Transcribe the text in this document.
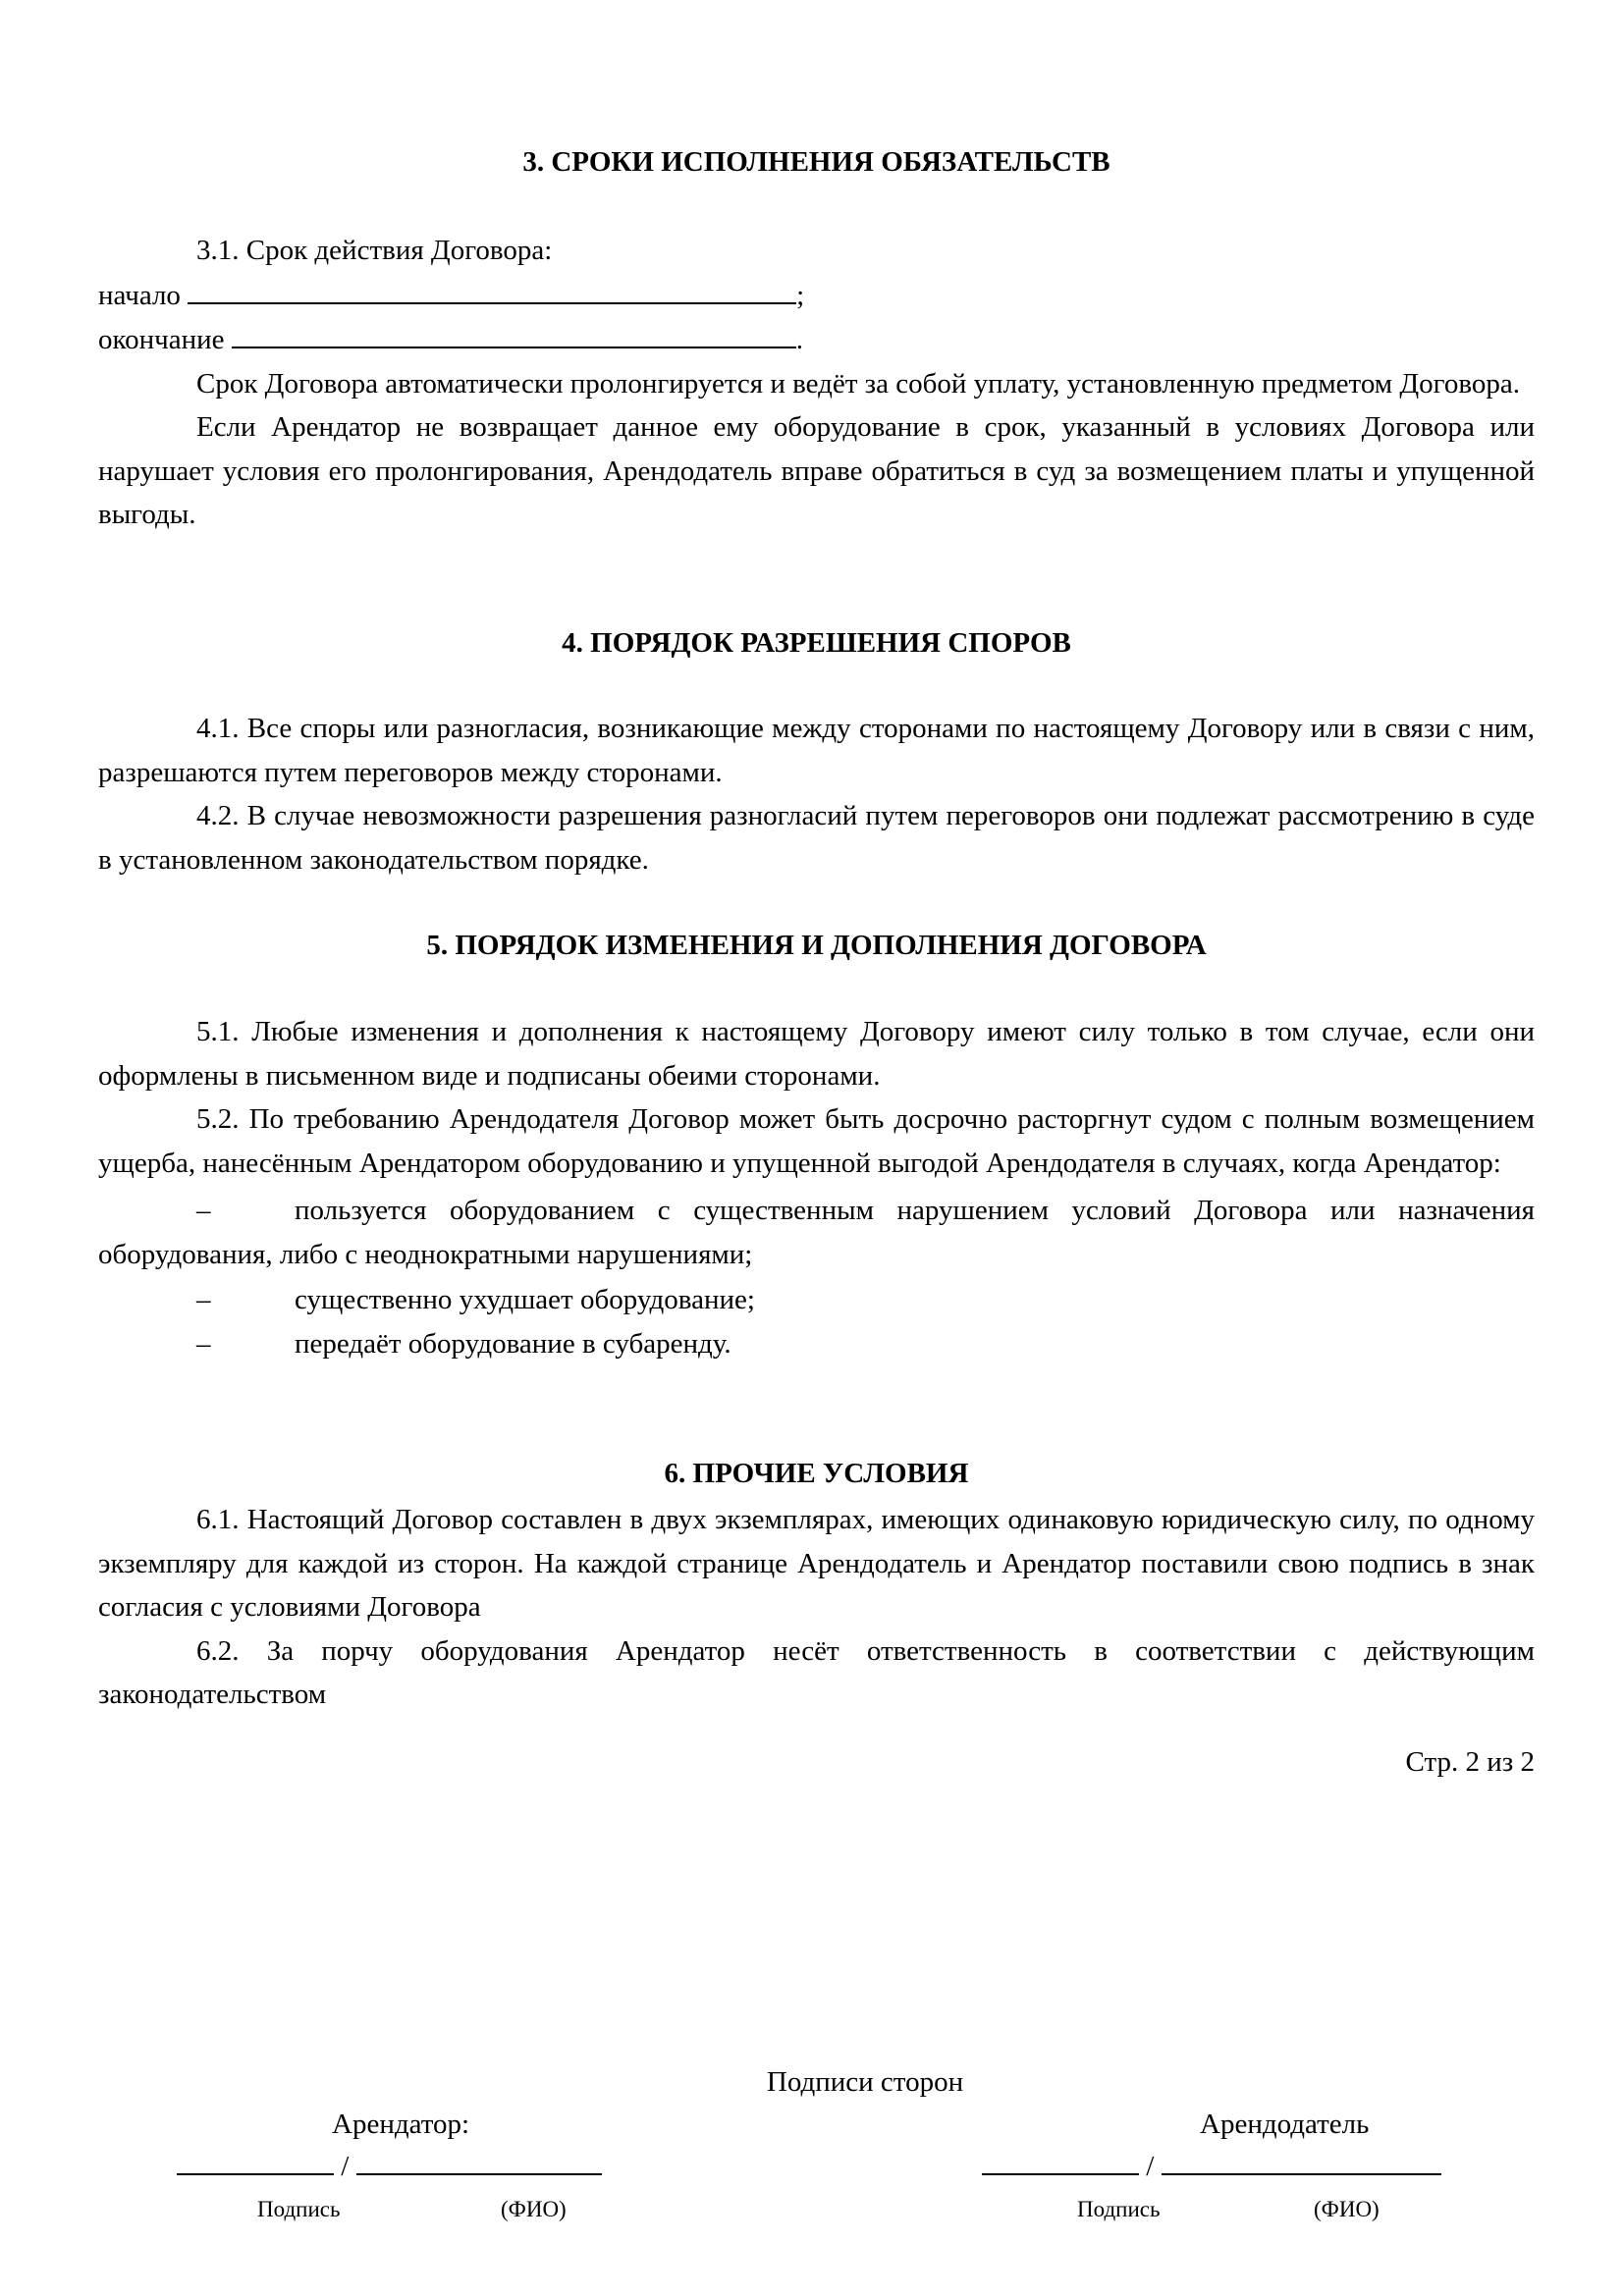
3. СРОКИ ИСПОЛНЕНИЯ ОБЯЗАТЕЛЬСТВ

3.1. Срок действия Договора:

начало	;

окончание	.

Срок Договора автоматически пролонгируется и ведёт за собой уплату, установленную предметом Договора.

Если Арендатор не возвращает данное ему оборудование в срок, указанный в условиях Договора или нарушает условия его пролонгирования, Арендодатель вправе обратиться в суд за возмещением платы и упущенной выгоды.

4. ПОРЯДОК РАЗРЕШЕНИЯ СПОРОВ

4.1. Все споры или разногласия, возникающие между сторонами по настоящему Договору или в связи с ним, разрешаются путем переговоров между сторонами.

4.2. В случае невозможности разрешения разногласий путем переговоров они подлежат рассмотрению в суде в установленном законодательством порядке.

5. ПОРЯДОК ИЗМЕНЕНИЯ И ДОПОЛНЕНИЯ ДОГОВОРА

5.1. Любые изменения и дополнения к настоящему Договору имеют силу только в том случае, если они оформлены в письменном виде и подписаны обеими сторонами.

5.2. По требованию Арендодателя Договор может быть досрочно расторгнут судом с полным возмещением ущерба, нанесённым Арендатором оборудованию и упущенной выгодой Арендодателя в случаях, когда Арендатор:

–	пользуется оборудованием с существенным нарушением условий Договора или назначения оборудования, либо с неоднократными нарушениями;

–	существенно ухудшает оборудование;

–	передаёт оборудование в субаренду.

6. ПРОЧИЕ УСЛОВИЯ

6.1. Настоящий Договор составлен в двух экземплярах, имеющих одинаковую юридическую силу, по одному экземпляру для каждой из сторон. На каждой странице Арендодатель и Арендатор поставили свою подпись в знак согласия с условиями Договора

6.2. За порчу оборудования Арендатор несёт ответственность в соответствии с действующим законодательством

Стр. 2 из 2
Подписи сторон
Арендатор:	Арендодатель
/	/
Подпись	(ФИО)	Подпись	(ФИО)
